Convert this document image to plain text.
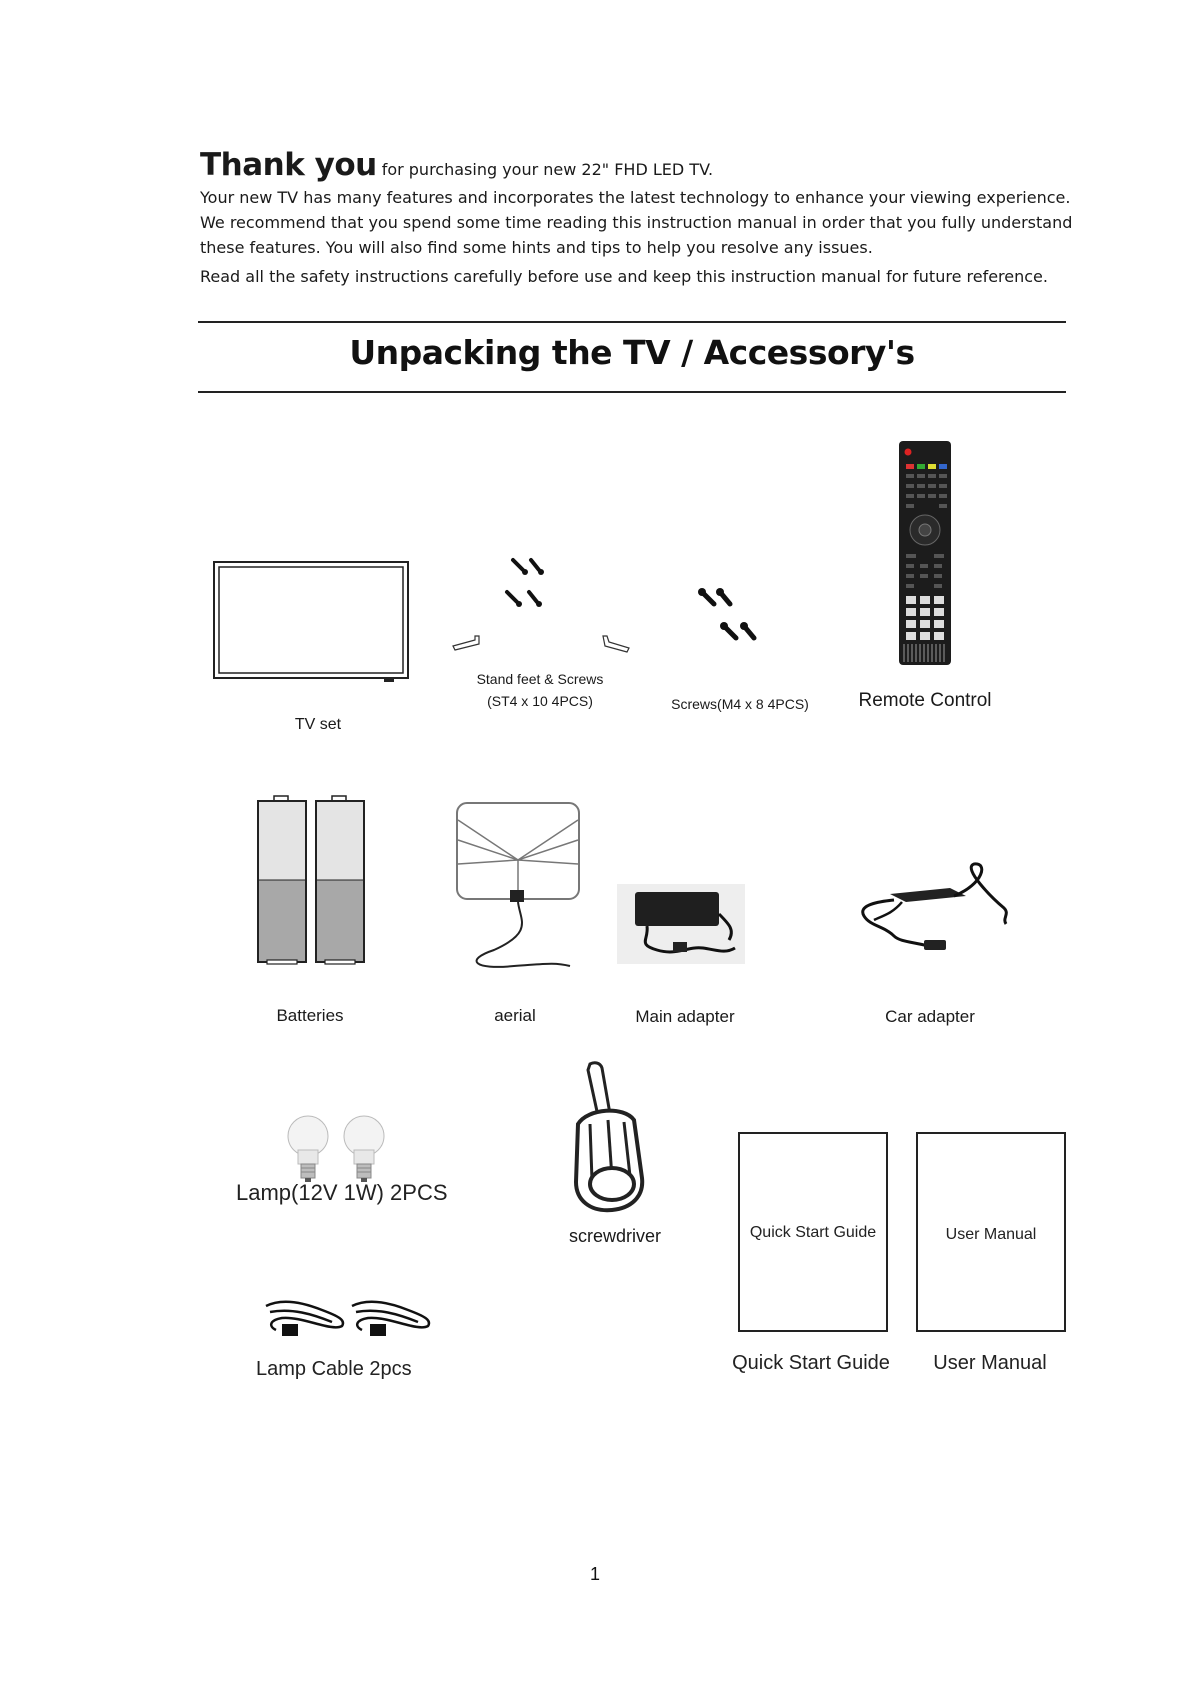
Thank you for purchasing your new 22" FHD LED TV.
Your new TV has many features and incorporates the latest technology to enhance your viewing experience. We recommend that you spend some time reading this instruction manual in order that you fully understand these features. You will also find some hints and tips to help you resolve any issues.
Read all the safety instructions carefully before use and keep this instruction manual for future reference.
Unpacking the TV / Accessory's
TV set
Stand feet & Screws
(ST4 x 10 4PCS)	Screws(M4 x 8 4PCS)	Remote Control
Batteries	aerial	Main adapter	Car adapter
Lamp(12V 1W) 2PCS
screwdriver
Lamp Cable 2pcs
Quick Start Guide
Quick Start Guide
User Manual
User Manual
1
